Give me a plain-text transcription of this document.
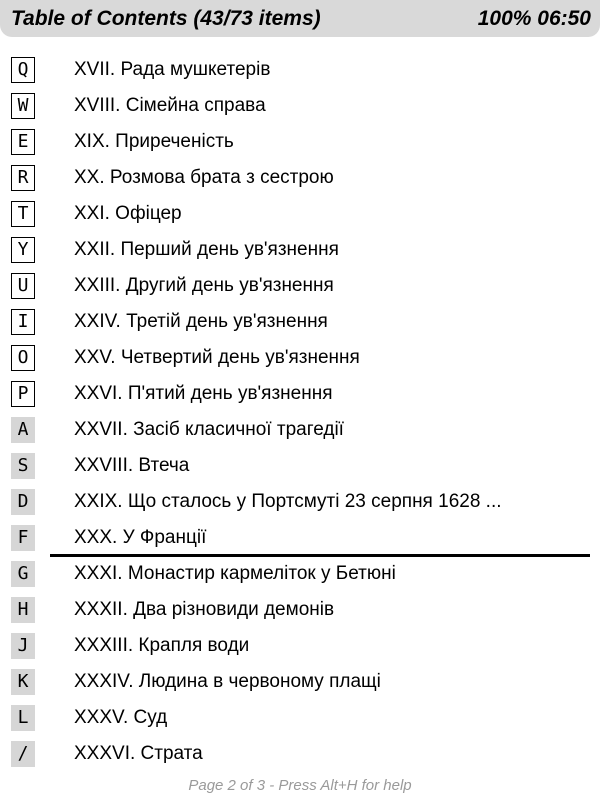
Table of Contents (43/73 items)	100% 06:50
Q	XVII. Рада мушкетерів
W	XVIII. Сімейна справа
E	XIX. Приреченість
R	XX. Розмова брата з сестрою
T	XXI. Офіцер
Y	XXII. Перший день ув'язнення
U	XXIII. Другий день ув'язнення
I	XXIV. Третій день ув'язнення
O	XXV. Четвертий день ув'язнення
P	XXVI. П'ятий день ув'язнення
A	XXVII. Засіб класичної трагедії
S	XXVIII. Втеча
D	XXIX. Що сталось у Портсмуті 23 серпня 1628 ...
F	XXX. У Франції
G	XXXI. Монастир кармеліток у Бетюні
H	XXXII. Два різновиди демонів
J	XXXIII. Крапля води
K	XXXIV. Людина в червоному плащі
L	XXXV. Суд
/	XXXVI. Страта
Page 2 of 3 - Press Alt+H for help
